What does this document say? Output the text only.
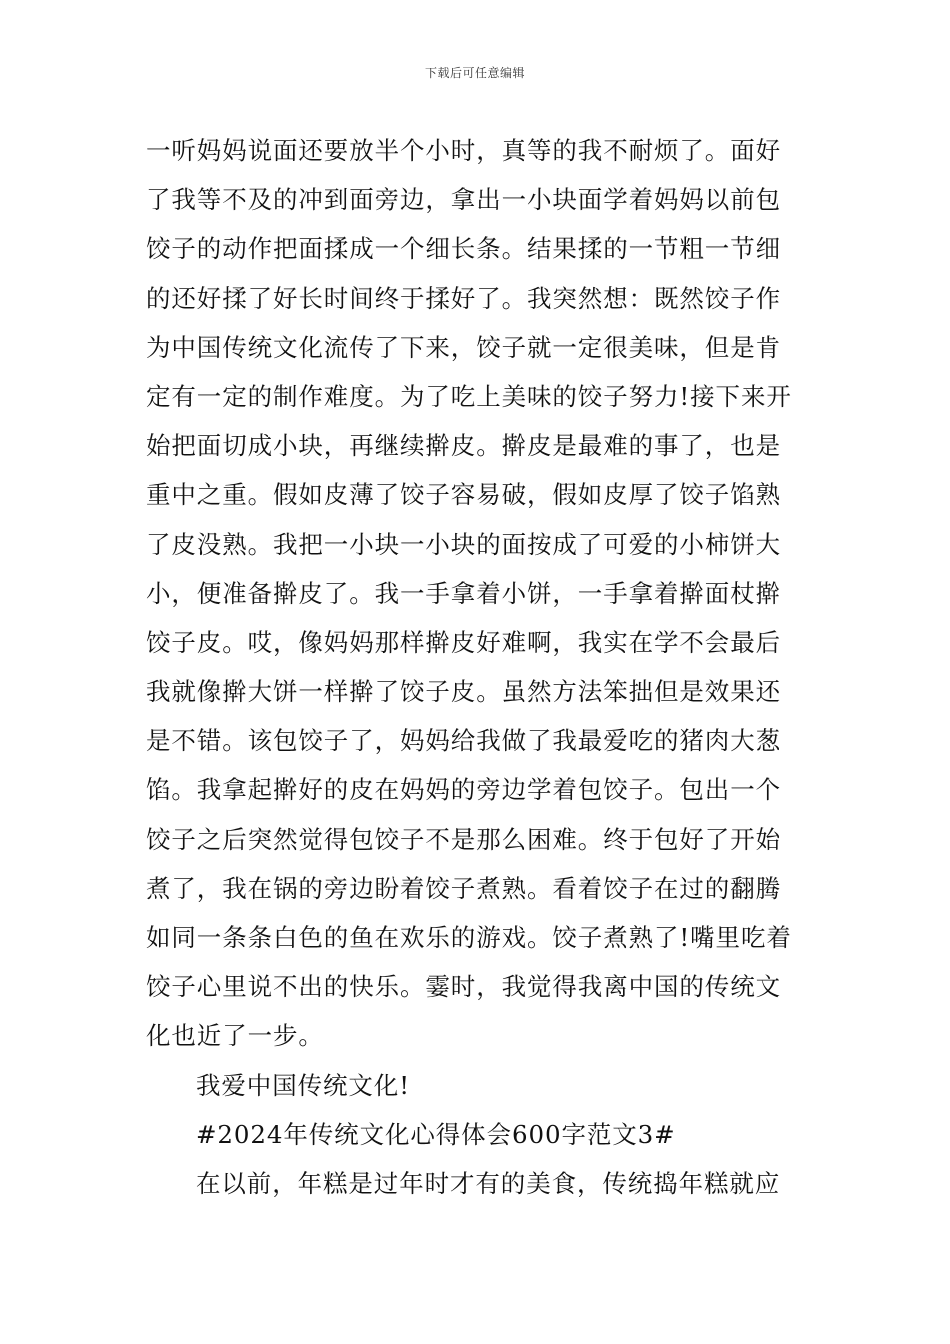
下载后可任意编辑
一听妈妈说面还要放半个小时，真等的我不耐烦了。面好
了我等不及的冲到面旁边，拿出一小块面学着妈妈以前包
饺子的动作把面揉成一个细长条。结果揉的一节粗一节细
的还好揉了好长时间终于揉好了。我突然想：既然饺子作
为中国传统文化流传了下来，饺子就一定很美味，但是肯
定有一定的制作难度。为了吃上美味的饺子努力!接下来开
始把面切成小块，再继续擀皮。擀皮是最难的事了，也是
重中之重。假如皮薄了饺子容易破，假如皮厚了饺子馅熟
了皮没熟。我把一小块一小块的面按成了可爱的小柿饼大
小，便准备擀皮了。我一手拿着小饼，一手拿着擀面杖擀
饺子皮。哎，像妈妈那样擀皮好难啊，我实在学不会最后
我就像擀大饼一样擀了饺子皮。虽然方法笨拙但是效果还
是不错。该包饺子了，妈妈给我做了我最爱吃的猪肉大葱
馅。我拿起擀好的皮在妈妈的旁边学着包饺子。包出一个
饺子之后突然觉得包饺子不是那么困难。终于包好了开始
煮了，我在锅的旁边盼着饺子煮熟。看着饺子在过的翻腾
如同一条条白色的鱼在欢乐的游戏。饺子煮熟了!嘴里吃着
饺子心里说不出的快乐。霎时，我觉得我离中国的传统文
化也近了一步。
我爱中国传统文化!
#2024年传统文化心得体会600字范文3#
在以前，年糕是过年时才有的美食，传统捣年糕就应
